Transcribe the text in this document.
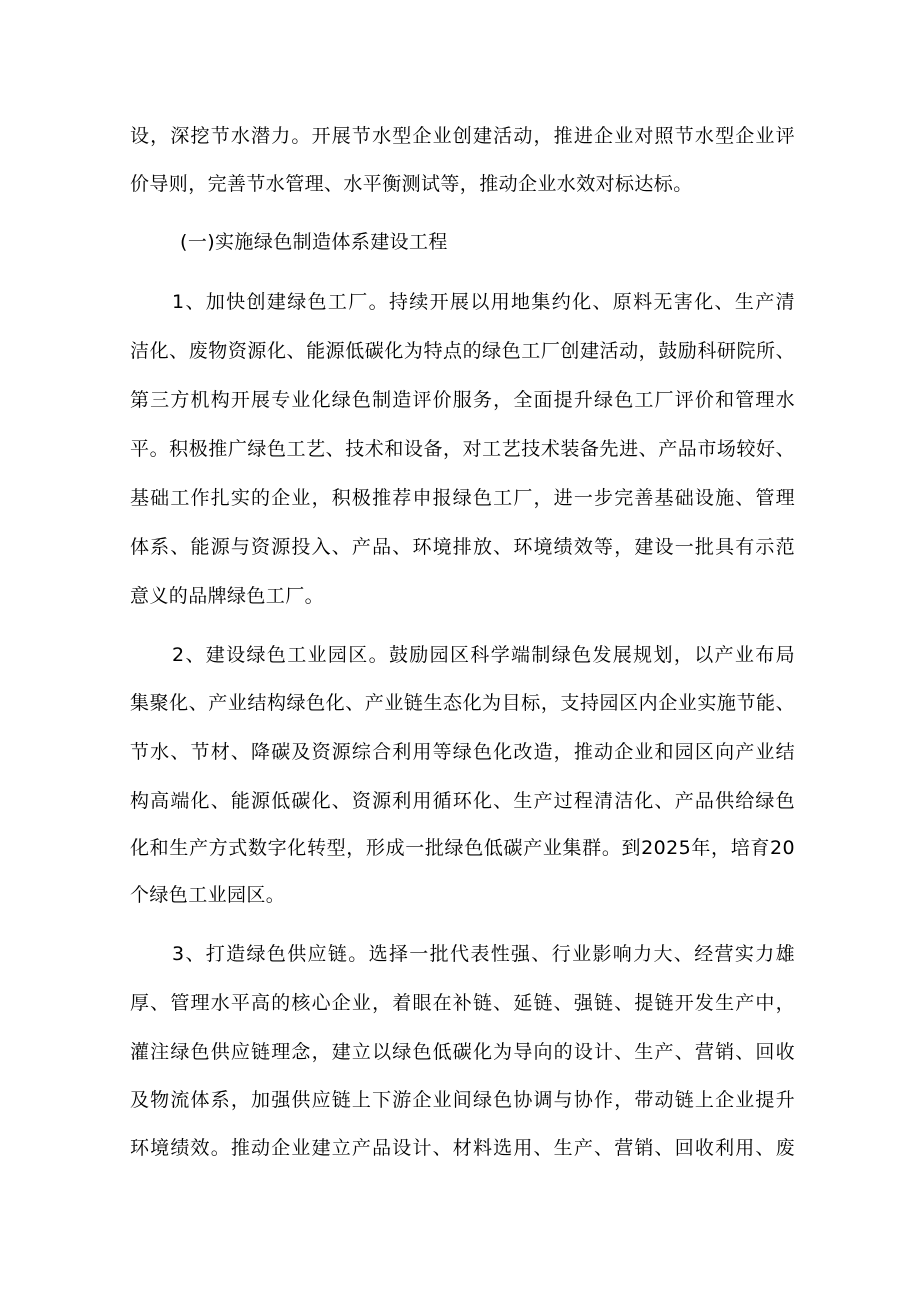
设，深挖节水潜力。开展节水型企业创建活动，推进企业对照节水型企业评
价导则，完善节水管理、水平衡测试等，推动企业水效对标达标。
(一)实施绿色制造体系建设工程
1、加快创建绿色工厂。持续开展以用地集约化、原料无害化、生产清
洁化、废物资源化、能源低碳化为特点的绿色工厂创建活动，鼓励科研院所、
第三方机构开展专业化绿色制造评价服务，全面提升绿色工厂评价和管理水
平。积极推广绿色工艺、技术和设备，对工艺技术装备先进、产品市场较好、
基础工作扎实的企业，积极推荐申报绿色工厂，进一步完善基础设施、管理
体系、能源与资源投入、产品、环境排放、环境绩效等，建设一批具有示范
意义的品牌绿色工厂。
2、建设绿色工业园区。鼓励园区科学端制绿色发展规划，以产业布局
集聚化、产业结构绿色化、产业链生态化为目标，支持园区内企业实施节能、
节水、节材、降碳及资源综合利用等绿色化改造，推动企业和园区向产业结
构高端化、能源低碳化、资源利用循环化、生产过程清洁化、产品供给绿色
化和生产方式数字化转型，形成一批绿色低碳产业集群。到2025年，培育20
个绿色工业园区。
3、打造绿色供应链。选择一批代表性强、行业影响力大、经营实力雄
厚、管理水平高的核心企业，着眼在补链、延链、强链、提链开发生产中，
灌注绿色供应链理念，建立以绿色低碳化为导向的设计、生产、营销、回收
及物流体系，加强供应链上下游企业间绿色协调与协作，带动链上企业提升
环境绩效。推动企业建立产品设计、材料选用、生产、营销、回收利用、废
